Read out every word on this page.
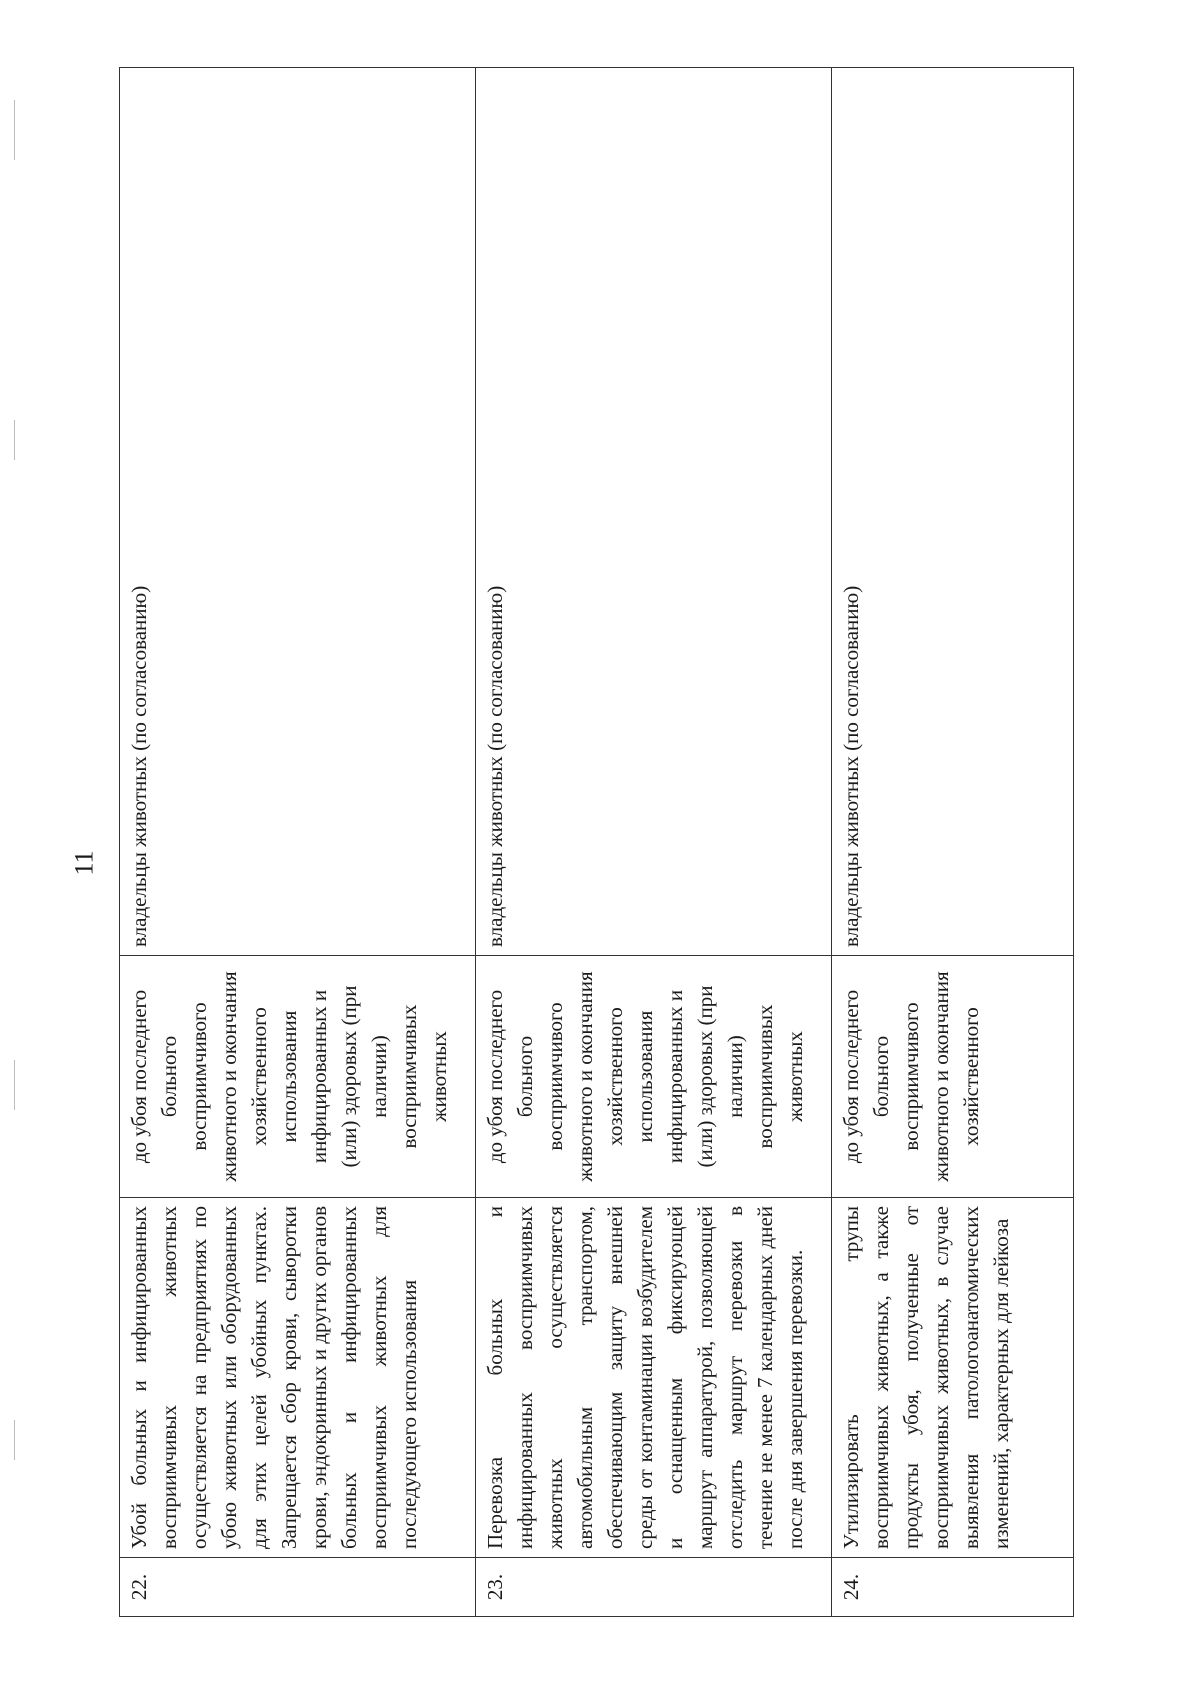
11
22.	Убой больных и инфицированных восприимчивых животных осуществляется на предприятиях по убою животных или оборудованных для этих целей убойных пунктах. Запрещается сбор крови, сыворотки крови, эндокринных и других органов больных и инфицированных восприимчивых животных для последующего использования	до убоя последнего больного восприимчивого животного и окончания хозяйственного использования инфицированных и (или) здоровых (при наличии) восприимчивых животных	владельцы животных (по согласованию)
23.	Перевозка больных и инфицированных восприимчивых животных осуществляется автомобильным транспортом, обеспечивающим защиту внешней среды от контаминации возбудителем и оснащенным фиксирующей маршрут аппаратурой, позволяющей отследить маршрут перевозки в течение не менее 7 календарных дней после дня завершения перевозки.	до убоя последнего больного восприимчивого животного и окончания хозяйственного использования инфицированных и (или) здоровых (при наличии) восприимчивых животных	владельцы животных (по согласованию)
24.	Утилизировать трупы восприимчивых животных, а также продукты убоя, полученные от восприимчивых животных, в случае выявления патологоанатомических изменений, характерных для лейкоза	до убоя последнего больного восприимчивого животного и окончания хозяйственного	владельцы животных (по согласованию)
